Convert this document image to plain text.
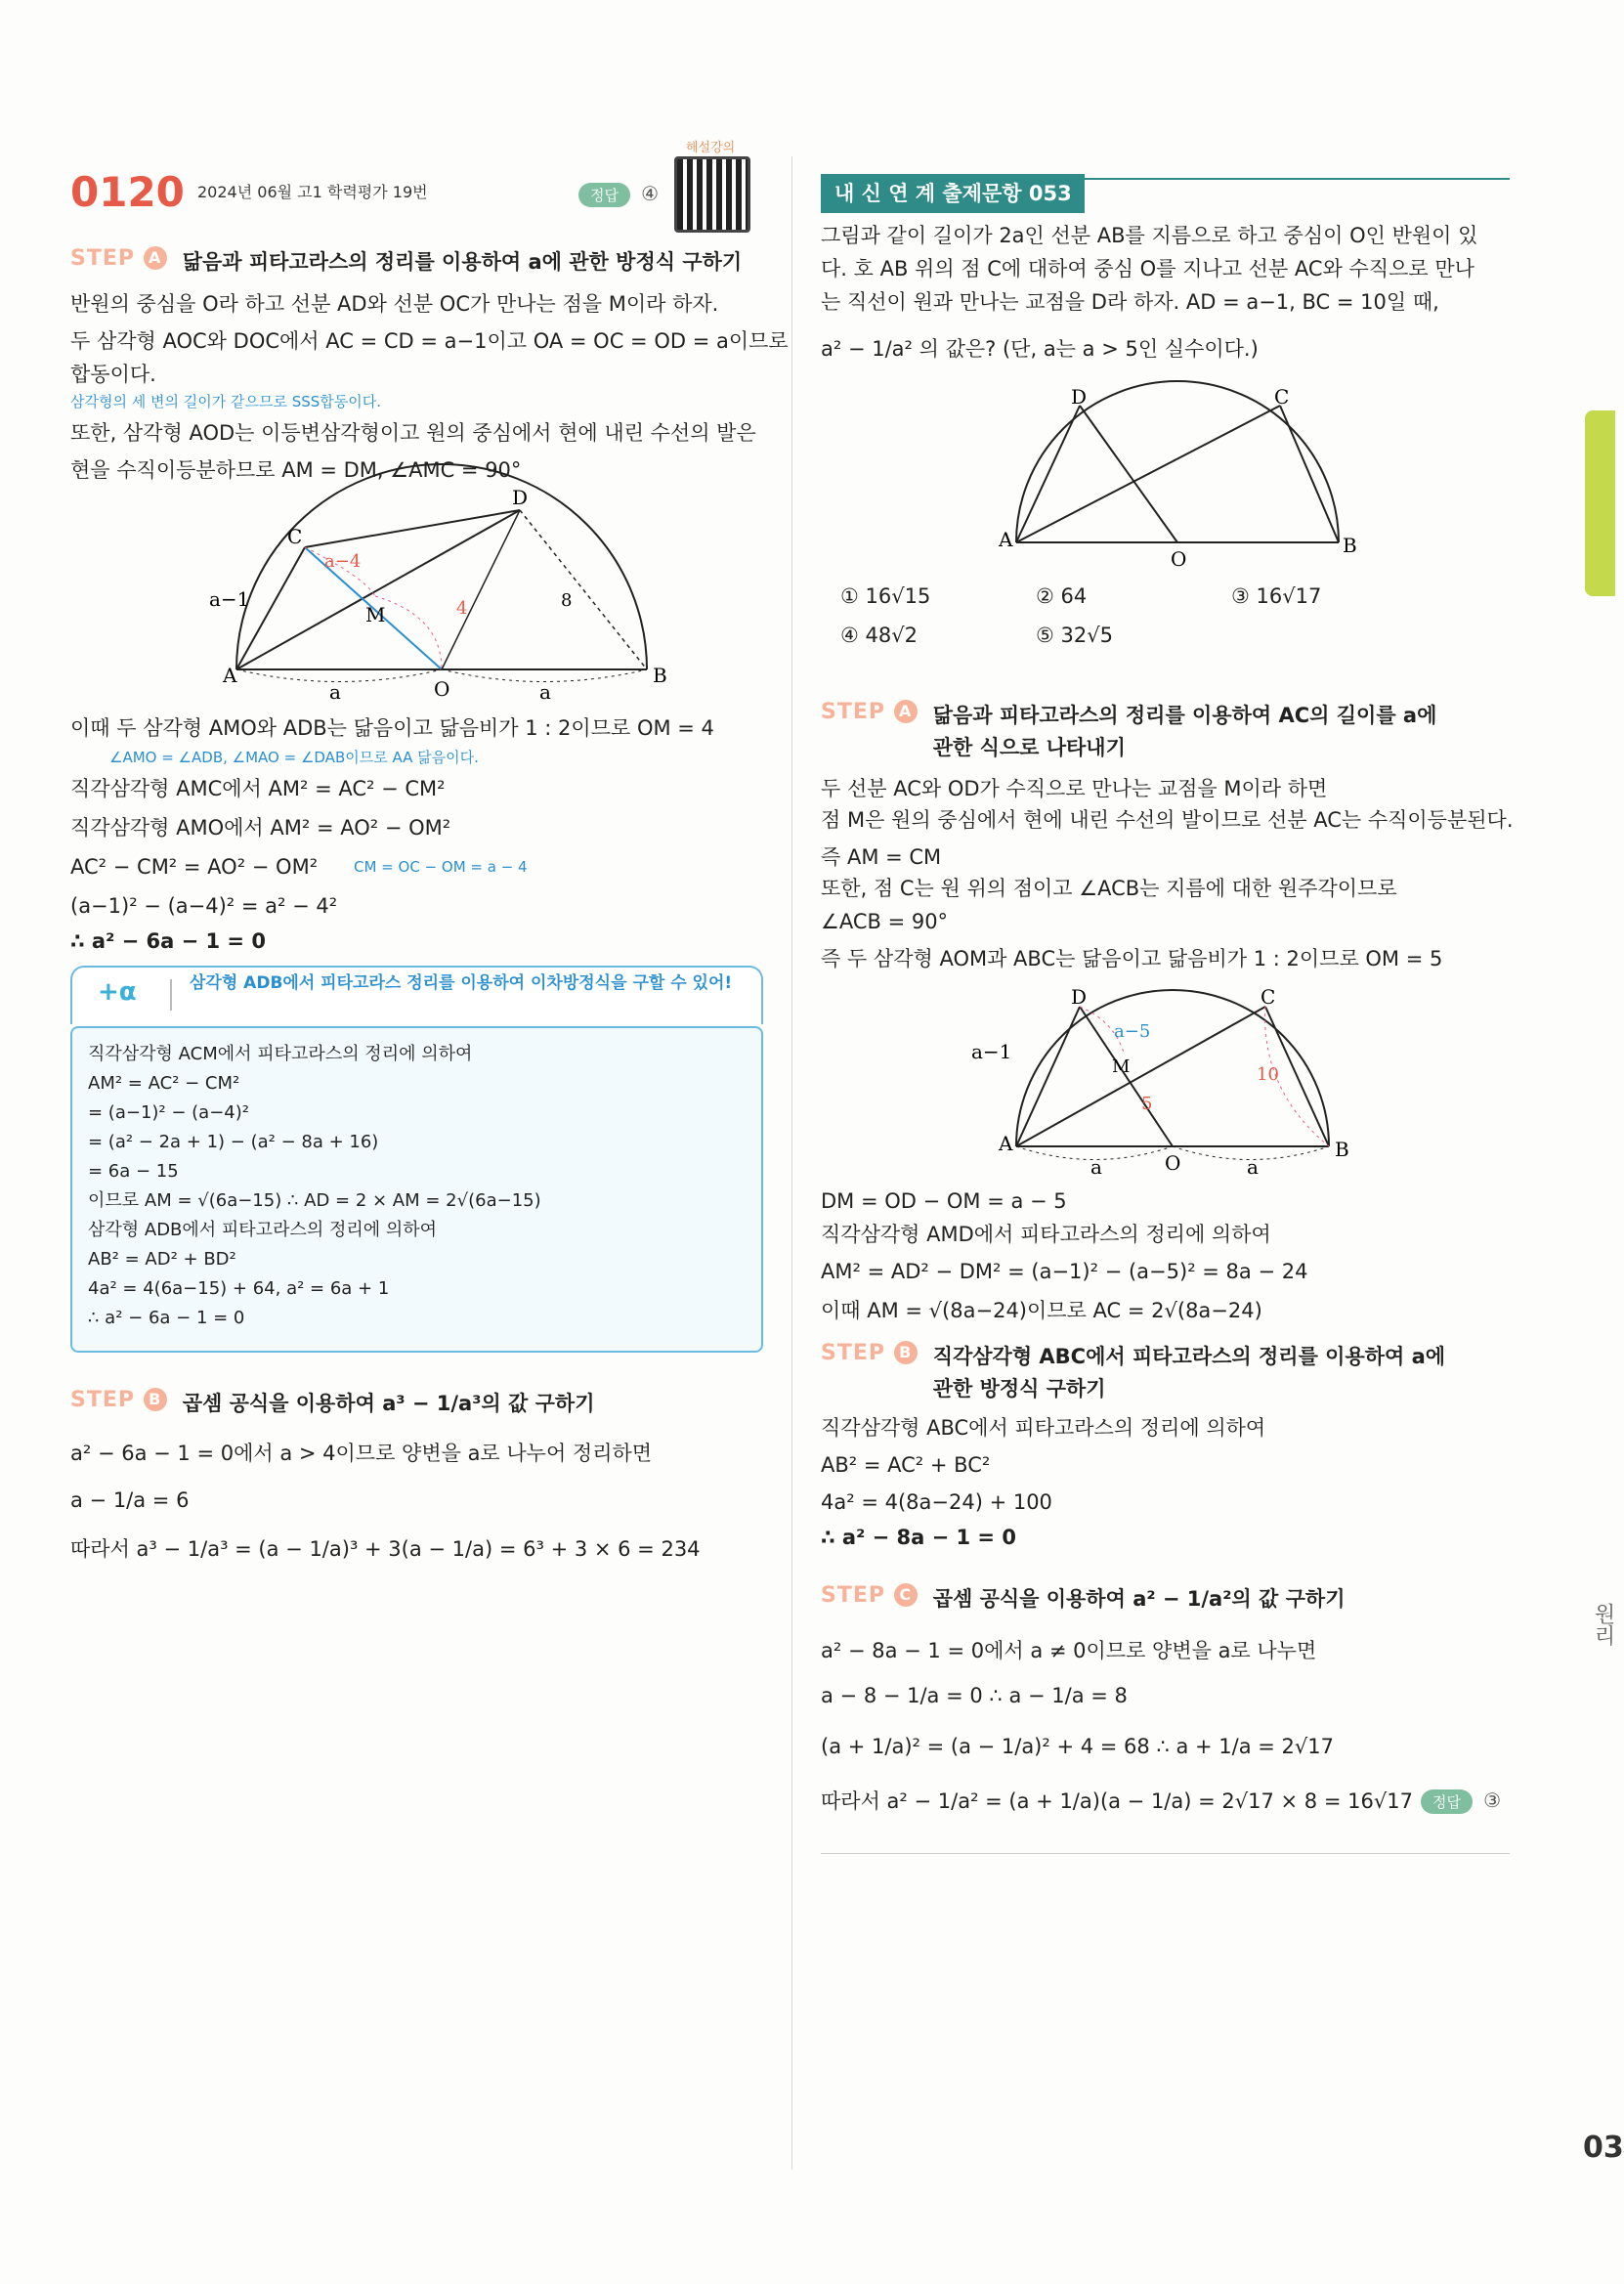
해설강의
0120 2024년 06월 고1 학력평가 19번	정답 ④
STEP A 닮음과 피타고라스의 정리를 이용하여 a에 관한 방정식 구하기
반원의 중심을 O라 하고 선분 AD와 선분 OC가 만나는 점을 M이라 하자.
두 삼각형 AOC와 DOC에서 AC = CD = a−1이고 OA = OC = OD = a이므로
합동이다.
삼각형의 세 변의 길이가 같으므로 SSS합동이다.
또한, 삼각형 AOD는 이등변삼각형이고 원의 중심에서 현에 내린 수선의 발은
현을 수직이등분하므로 AM = DM, ∠AMC = 90°
A	B
C
D
O
M
a−1
a−4
4	8
a	a
이때 두 삼각형 AMO와 ADB는 닮음이고 닮음비가 1 : 2이므로 OM = 4
∠AMO = ∠ADB, ∠MAO = ∠DAB이므로 AA 닮음이다.
직각삼각형 AMC에서 AM² = AC² − CM²
직각삼각형 AMO에서 AM² = AO² − OM²
AC² − CM² = AO² − OM² CM = OC − OM = a − 4
(a−1)² − (a−4)² = a² − 4²
∴ a² − 6a − 1 = 0
+α	삼각형 ADB에서 피타고라스 정리를 이용하여 이차방정식을 구할 수 있어!
직각삼각형 ACM에서 피타고라스의 정리에 의하여
AM² = AC² − CM²
= (a−1)² − (a−4)²
= (a² − 2a + 1) − (a² − 8a + 16)
= 6a − 15
이므로 AM = √(6a−15) ∴ AD = 2 × AM = 2√(6a−15)
삼각형 ADB에서 피타고라스의 정리에 의하여
AB² = AD² + BD²
4a² = 4(6a−15) + 64, a² = 6a + 1
∴ a² − 6a − 1 = 0
STEP B 곱셈 공식을 이용하여 a³ − 1/a³의 값 구하기
a² − 6a − 1 = 0에서 a > 4이므로 양변을 a로 나누어 정리하면
a − 1/a = 6
따라서 a³ − 1/a³ = (a − 1/a)³ + 3(a − 1/a) = 6³ + 3 × 6 = 234
내 신 연 계 출제문항 053
그림과 같이 길이가 2a인 선분 AB를 지름으로 하고 중심이 O인 반원이 있
다. 호 AB 위의 점 C에 대하여 중심 O를 지나고 선분 AC와 수직으로 만나
는 직선이 원과 만나는 교점을 D라 하자. AD = a−1, BC = 10일 때,
a² − 1/a² 의 값은? (단, a는 a > 5인 실수이다.)
A	B
D	C
O
① 16√15	② 64	③ 16√17
④ 48√2	⑤ 32√5
STEP A 닮음과 피타고라스의 정리를 이용하여 AC의 길이를 a에 관한 식으로 나타내기
두 선분 AC와 OD가 수직으로 만나는 교점을 M이라 하면
점 M은 원의 중심에서 현에 내린 수선의 발이므로 선분 AC는 수직이등분된다.
즉 AM = CM
또한, 점 C는 원 위의 점이고 ∠ACB는 지름에 대한 원주각이므로
∠ACB = 90°
즉 두 삼각형 AOM과 ABC는 닮음이고 닮음비가 1 : 2이므로 OM = 5
A	B
D	C
O
M
a−1
a−5
5
10
a	a
DM = OD − OM = a − 5
직각삼각형 AMD에서 피타고라스의 정리에 의하여
AM² = AD² − DM² = (a−1)² − (a−5)² = 8a − 24
이때 AM = √(8a−24)이므로 AC = 2√(8a−24)
STEP B 직각삼각형 ABC에서 피타고라스의 정리를 이용하여 a에 관한 방정식 구하기
직각삼각형 ABC에서 피타고라스의 정리에 의하여
AB² = AC² + BC²
4a² = 4(8a−24) + 100
∴ a² − 8a − 1 = 0
STEP C 곱셈 공식을 이용하여 a² − 1/a²의 값 구하기
a² − 8a − 1 = 0에서 a ≠ 0이므로 양변을 a로 나누면
a − 8 − 1/a = 0 ∴ a − 1/a = 8
(a + 1/a)² = (a − 1/a)² + 4 = 68 ∴ a + 1/a = 2√17
따라서 a² − 1/a² = (a + 1/a)(a − 1/a) = 2√17 × 8 = 16√17	정답 ③
원리
03
